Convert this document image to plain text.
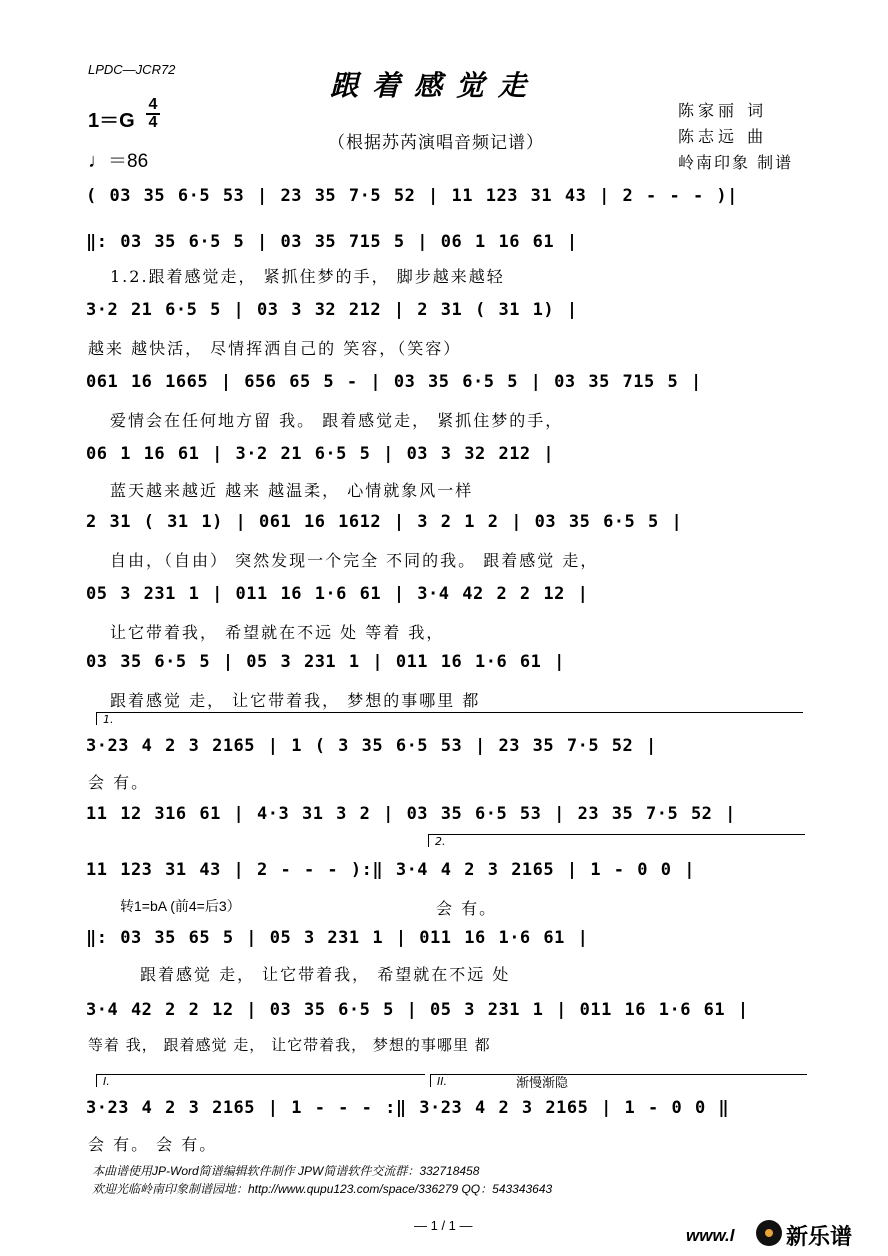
LPDC—JCR72	跟着感觉走
（根据苏芮演唱音频记谱）
陈家丽 词
陈志远 曲
岭南印象 制谱
1＝G
4
4
♩＝86
( 03 35 6·5 53 | 23 35 7·5 52 | 11 123 31 43 | 2 - - - )|
‖: 03 35 6·5 5 | 03 35 715 5 | 06 1 16 61 |
1.2.跟着感觉走， 紧抓住梦的手， 脚步越来越轻
3·2 21 6·5 5 | 03 3 32 212 | 2 31 ( 31 1) |
越来 越快活， 尽情挥洒自己的 笑容，（笑容）
061 16 1665 | 656 65 5 - | 03 35 6·5 5 | 03 35 715 5 |
爱情会在任何地方留 我。 跟着感觉走， 紧抓住梦的手，
06 1 16 61 | 3·2 21 6·5 5 | 03 3 32 212 |
蓝天越来越近 越来 越温柔， 心情就象风一样
2 31 ( 31 1) | 061 16 1612 | 3 2 1 2 | 03 35 6·5 5 |
自由，（自由） 突然发现一个完全 不同的我。 跟着感觉 走，
05 3 231 1 | 011 16 1·6 61 | 3·4 42 2 2 12 |
让它带着我， 希望就在不远 处 等着 我，
03 35 6·5 5 | 05 3 231 1 | 011 16 1·6 61 |
跟着感觉 走， 让它带着我， 梦想的事哪里 都
1.
3·23 4 2 3 2165 | 1 ( 3 35 6·5 53 | 23 35 7·5 52 |
会 有。
11 12 316 61 | 4·3 31 3 2 | 03 35 6·5 53 | 23 35 7·5 52 |
2.
11 123 31 43 | 2 - - - ):‖ 3·4 4 2 3 2165 | 1 - 0 0 |
转1=bA (前4=后3）	会 有。
‖: 03 35 65 5 | 05 3 231 1 | 011 16 1·6 61 |
跟着感觉 走， 让它带着我， 希望就在不远 处
3·4 42 2 2 12 | 03 35 6·5 5 | 05 3 231 1 | 011 16 1·6 61 |
等着 我， 跟着感觉 走， 让它带着我， 梦想的事哪里 都
I.	II.	渐慢渐隐
3·23 4 2 3 2165 | 1 - - - :‖ 3·23 4 2 3 2165 | 1 - 0 0 ‖
会 有。 会 有。
本曲谱使用JP-Word简谱编辑软件制作 JPW简谱软件交流群：332718458
欢迎光临岭南印象制谱园地：http://www.qupu123.com/space/336279 QQ：543343643
— 1 / 1 —
www.l 新乐谱
